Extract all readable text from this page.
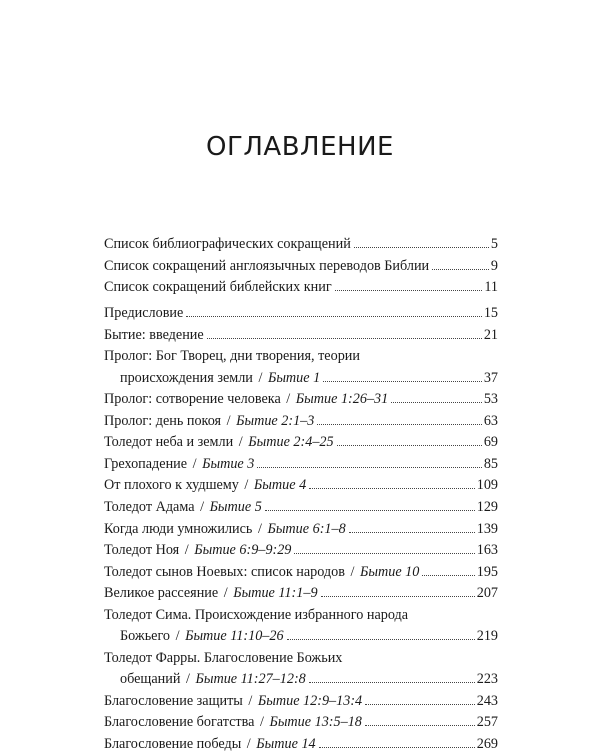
ОГЛАВЛЕНИЕ
Список библиографических сокращений	5
Список сокращений англоязычных переводов Библии	9
Список сокращений библейских книг	11
Предисловие	15
Бытие: введение	21
Пролог: Бог Творец, дни творения, теории
происхождения земли / Бытие 1	37
Пролог: сотворение человека / Бытие 1:26–31	53
Пролог: день покоя / Бытие 2:1–3	63
Толедот неба и земли / Бытие 2:4–25	69
Грехопадение / Бытие 3	85
От плохого к худшему / Бытие 4	109
Толедот Адама / Бытие 5	129
Когда люди умножились / Бытие 6:1–8	139
Толедот Ноя / Бытие 6:9–9:29	163
Толедот сынов Ноевых: список народов / Бытие 10	195
Великое рассеяние / Бытие 11:1–9	207
Толедот Сима. Происхождение избранного народа
Божьего / Бытие 11:10–26	219
Толедот Фарры. Благословение Божьих
обещаний / Бытие 11:27–12:8	223
Благословение защиты / Бытие 12:9–13:4	243
Благословение богатства / Бытие 13:5–18	257
Благословение победы / Бытие 14	269
